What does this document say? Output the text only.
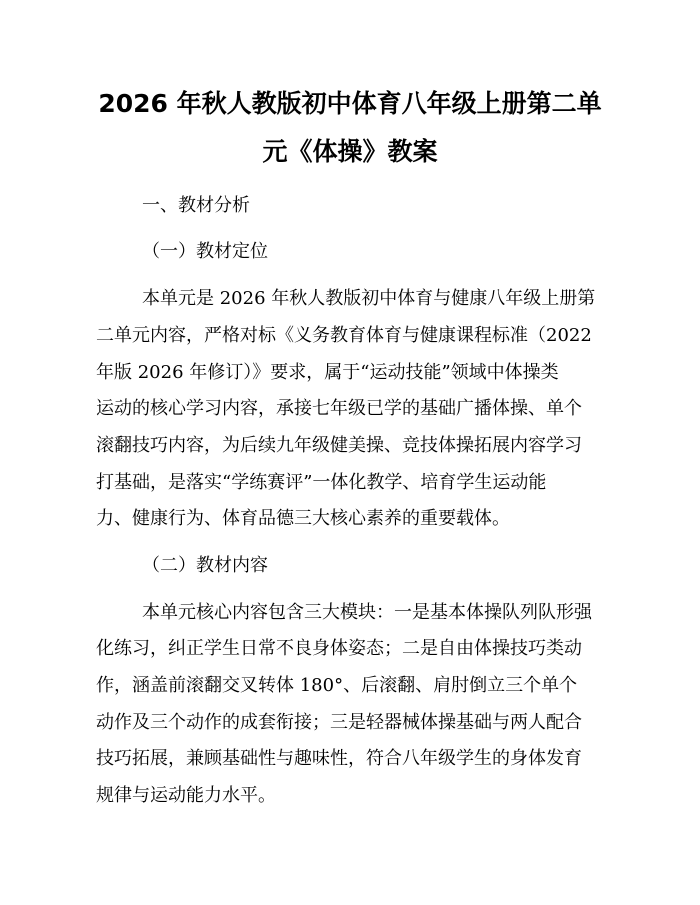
2026 年秋人教版初中体育八年级上册第二单
元《体操》教案

一、教材分析

（一）教材定位

本单元是 2026 年秋人教版初中体育与健康八年级上册第

二单元内容，严格对标《义务教育体育与健康课程标准（2022

年版 2026 年修订）》要求，属于“运动技能”领域中体操类

运动的核心学习内容，承接七年级已学的基础广播体操、单个

滚翻技巧内容，为后续九年级健美操、竞技体操拓展内容学习

打基础，是落实“学练赛评”一体化教学、培育学生运动能

力、健康行为、体育品德三大核心素养的重要载体。

（二）教材内容

本单元核心内容包含三大模块：一是基本体操队列队形强

化练习，纠正学生日常不良身体姿态；二是自由体操技巧类动

作，涵盖前滚翻交叉转体 180°、后滚翻、肩肘倒立三个单个

动作及三个动作的成套衔接；三是轻器械体操基础与两人配合

技巧拓展，兼顾基础性与趣味性，符合八年级学生的身体发育

规律与运动能力水平。
